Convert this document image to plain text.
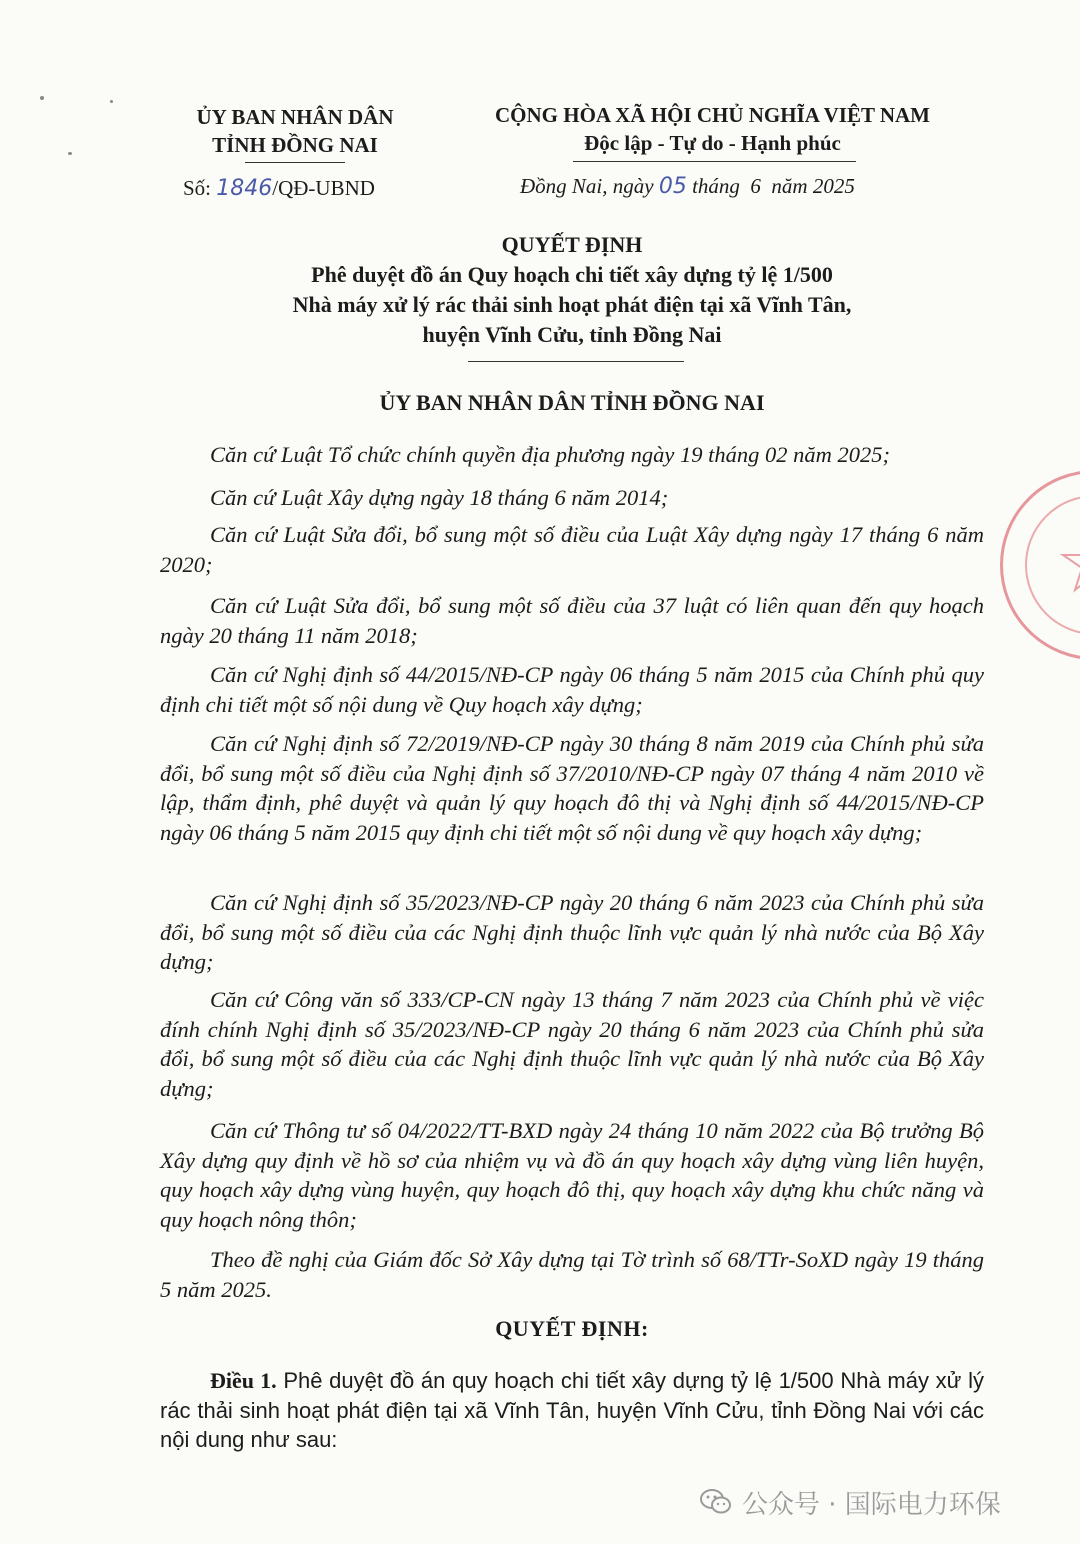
ỦY BAN NHÂN DÂN
TỈNH ĐỒNG NAI
CỘNG HÒA XÃ HỘI CHỦ NGHĨA VIỆT NAM
Độc lập - Tự do - Hạnh phúc
Số: 1846/QĐ-UBND	Đồng Nai, ngày 05 tháng  6  năm 2025
QUYẾT ĐỊNH
Phê duyệt đồ án Quy hoạch chi tiết xây dựng tỷ lệ 1/500
Nhà máy xử lý rác thải sinh hoạt phát điện tại xã Vĩnh Tân,
huyện Vĩnh Cửu, tỉnh Đồng Nai
ỦY BAN NHÂN DÂN TỈNH ĐỒNG NAI
Căn cứ Luật Tổ chức chính quyền địa phương ngày 19 tháng 02 năm 2025;
Căn cứ Luật Xây dựng ngày 18 tháng 6 năm 2014;
Căn cứ Luật Sửa đổi, bổ sung một số điều của Luật Xây dựng ngày 17 tháng 6 năm 2020;
Căn cứ Luật Sửa đổi, bổ sung một số điều của 37 luật có liên quan đến quy hoạch ngày 20 tháng 11 năm 2018;
Căn cứ Nghị định số 44/2015/NĐ-CP ngày 06 tháng 5 năm 2015 của Chính phủ quy định chi tiết một số nội dung về Quy hoạch xây dựng;
Căn cứ Nghị định số 72/2019/NĐ-CP ngày 30 tháng 8 năm 2019 của Chính phủ sửa đổi, bổ sung một số điều của Nghị định số 37/2010/NĐ-CP ngày 07 tháng 4 năm 2010 về lập, thẩm định, phê duyệt và quản lý quy hoạch đô thị và Nghị định số 44/2015/NĐ-CP ngày 06 tháng 5 năm 2015 quy định chi tiết một số nội dung về quy hoạch xây dựng;
Căn cứ Nghị định số 35/2023/NĐ-CP ngày 20 tháng 6 năm 2023 của Chính phủ sửa đổi, bổ sung một số điều của các Nghị định thuộc lĩnh vực quản lý nhà nước của Bộ Xây dựng;
Căn cứ Công văn số 333/CP-CN ngày 13 tháng 7 năm 2023 của Chính phủ về việc đính chính Nghị định số 35/2023/NĐ-CP ngày 20 tháng 6 năm 2023 của Chính phủ sửa đổi, bổ sung một số điều của các Nghị định thuộc lĩnh vực quản lý nhà nước của Bộ Xây dựng;
Căn cứ Thông tư số 04/2022/TT-BXD ngày 24 tháng 10 năm 2022 của Bộ trưởng Bộ Xây dựng quy định về hồ sơ của nhiệm vụ và đồ án quy hoạch xây dựng vùng liên huyện, quy hoạch xây dựng vùng huyện, quy hoạch đô thị, quy hoạch xây dựng khu chức năng và quy hoạch nông thôn;
Theo đề nghị của Giám đốc Sở Xây dựng tại Tờ trình số 68/TTr-SoXD ngày 19 tháng 5 năm 2025.
QUYẾT ĐỊNH:
Điều 1. Phê duyệt đồ án quy hoạch chi tiết xây dựng tỷ lệ 1/500 Nhà máy xử lý rác thải sinh hoạt phát điện tại xã Vĩnh Tân, huyện Vĩnh Cửu, tỉnh Đồng Nai với các nội dung như sau:
公众号 · 国际电力环保
